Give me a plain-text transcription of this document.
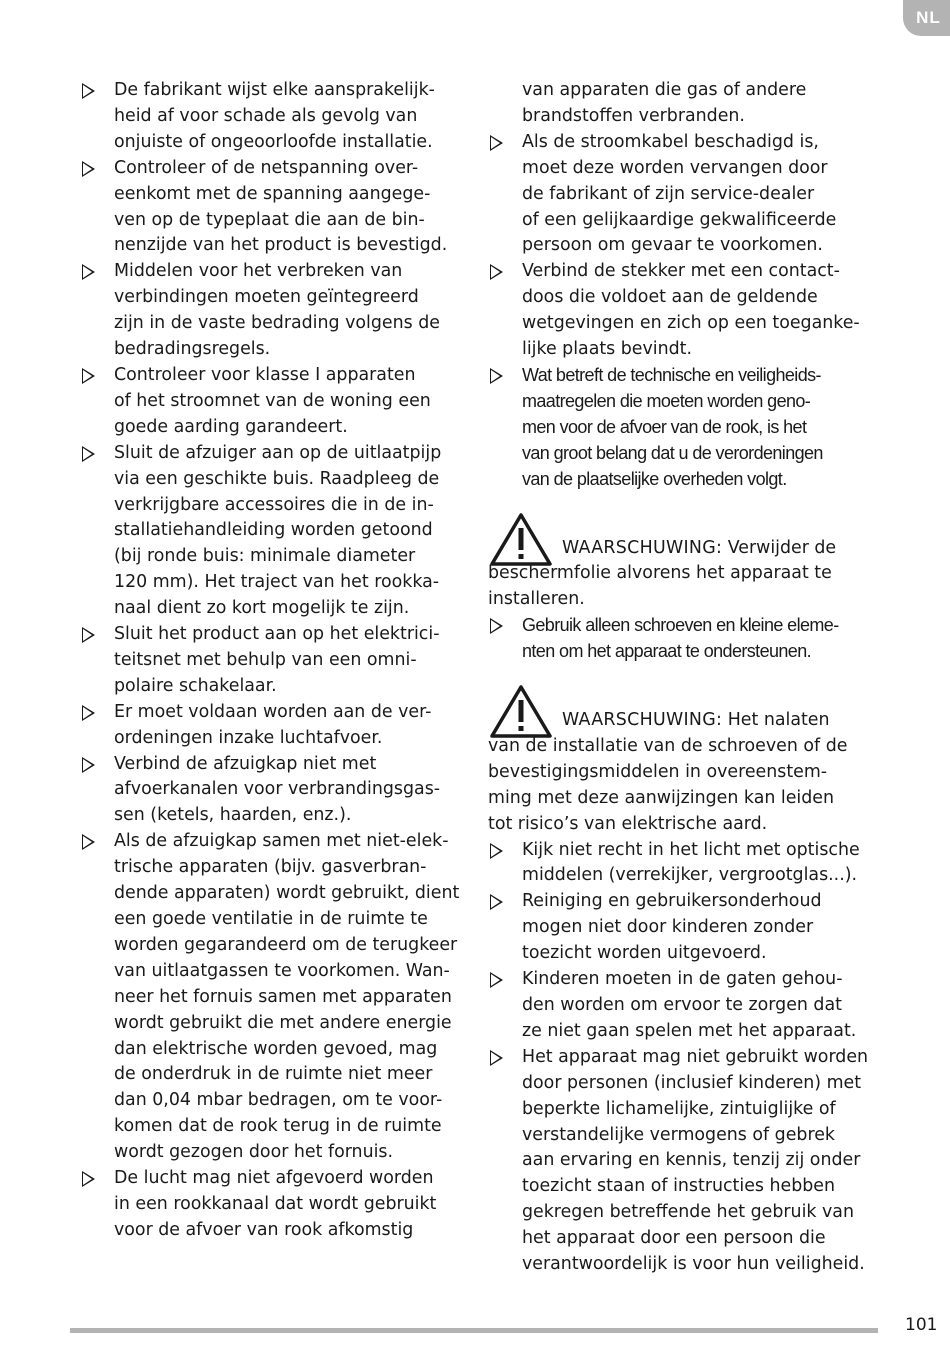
NL

De fabrikant wijst elke aansprakelijk-
heid af voor schade als gevolg van
onjuiste of ongeoorloofde installatie.

Controleer of de netspanning over-
eenkomt met de spanning aangege-
ven op de typeplaat die aan de bin-
nenzijde van het product is bevestigd.

Middelen voor het verbreken van
verbindingen moeten geïntegreerd
zijn in de vaste bedrading volgens de
bedradingsregels.

Controleer voor klasse I apparaten
of het stroomnet van de woning een
goede aarding garandeert.

Sluit de afzuiger aan op de uitlaatpijp
via een geschikte buis. Raadpleeg de
verkrijgbare accessoires die in de in-
stallatiehandleiding worden getoond
(bij ronde buis: minimale diameter
120 mm). Het traject van het rookka-
naal dient zo kort mogelijk te zijn.

Sluit het product aan op het elektrici-
teitsnet met behulp van een omni-
polaire schakelaar.

Er moet voldaan worden aan de ver-
ordeningen inzake luchtafvoer.

Verbind de afzuigkap niet met
afvoerkanalen voor verbrandingsgas-
sen (ketels, haarden, enz.).

Als de afzuigkap samen met niet-elek-
trische apparaten (bijv. gasverbran-
dende apparaten) wordt gebruikt, dient
een goede ventilatie in de ruimte te
worden gegarandeerd om de terugkeer
van uitlaatgassen te voorkomen. Wan-
neer het fornuis samen met apparaten
wordt gebruikt die met andere energie
dan elektrische worden gevoed, mag
de onderdruk in de ruimte niet meer
dan 0,04 mbar bedragen, om te voor-
komen dat de rook terug in de ruimte
wordt gezogen door het fornuis.

De lucht mag niet afgevoerd worden
in een rookkanaal dat wordt gebruikt
voor de afvoer van rook afkomstig

van apparaten die gas of andere
brandstoffen verbranden.

Als de stroomkabel beschadigd is,
moet deze worden vervangen door
de fabrikant of zijn service-dealer
of een gelijkaardige gekwalificeerde
persoon om gevaar te voorkomen.

Verbind de stekker met een contact-
doos die voldoet aan de geldende
wetgevingen en zich op een toeganke-
lijke plaats bevindt.

Wat betreft de technische en veiligheids-
maatregelen die moeten worden geno-
men voor de afvoer van de rook, is het
van groot belang dat u de verordeningen
van de plaatselijke overheden volgt.

WAARSCHUWING: Verwijder de
beschermfolie alvorens het apparaat te
installeren.

Gebruik alleen schroeven en kleine eleme-
nten om het apparaat te ondersteunen.

WAARSCHUWING: Het nalaten
van de installatie van de schroeven of de
bevestigingsmiddelen in overeenstem-
ming met deze aanwijzingen kan leiden
tot risico’s van elektrische aard.

Kijk niet recht in het licht met optische
middelen (verrekijker, vergrootglas...).

Reiniging en gebruikersonderhoud
mogen niet door kinderen zonder
toezicht worden uitgevoerd.

Kinderen moeten in de gaten gehou-
den worden om ervoor te zorgen dat
ze niet gaan spelen met het apparaat.

Het apparaat mag niet gebruikt worden
door personen (inclusief kinderen) met
beperkte lichamelijke, zintuiglijke of
verstandelijke vermogens of gebrek
aan ervaring en kennis, tenzij zij onder
toezicht staan of instructies hebben
gekregen betreffende het gebruik van
het apparaat door een persoon die
verantwoordelijk is voor hun veiligheid.

101
